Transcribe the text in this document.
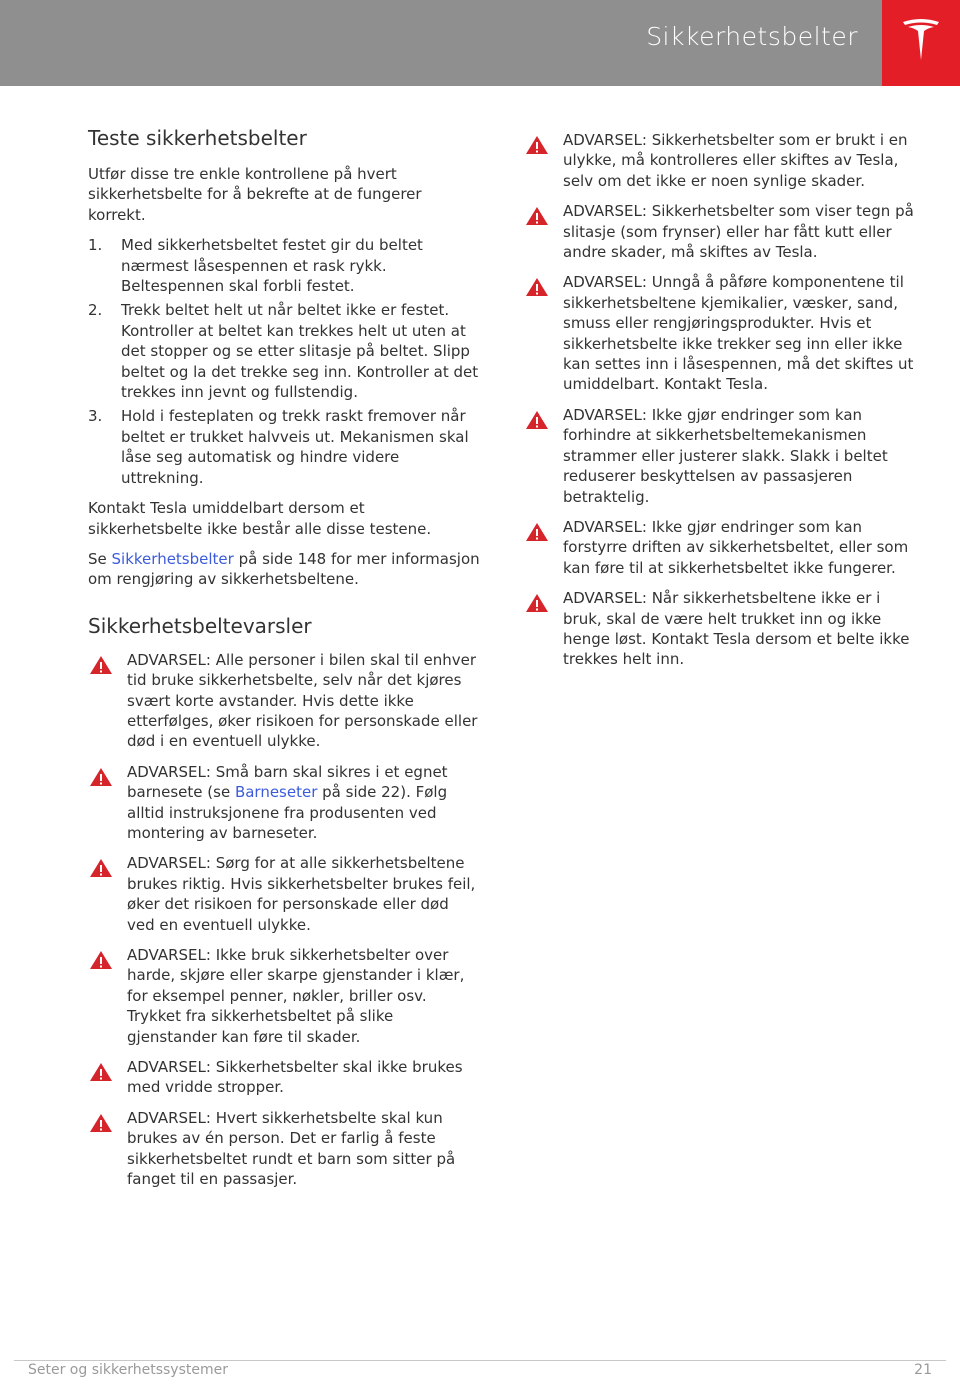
Sikkerhetsbelter
Teste sikkerhetsbelter

Utfør disse tre enkle kontrollene på hvert sikkerhetsbelte for å bekrefte at de fungerer korrekt.

1. Med sikkerhetsbeltet festet gir du beltet nærmest låsespennen et rask rykk. Beltespennen skal forbli festet.
2. Trekk beltet helt ut når beltet ikke er festet. Kontroller at beltet kan trekkes helt ut uten at det stopper og se etter slitasje på beltet. Slipp beltet og la det trekke seg inn. Kontroller at det trekkes inn jevnt og fullstendig.
3. Hold i festeplaten og trekk raskt fremover når beltet er trukket halvveis ut. Mekanismen skal låse seg automatisk og hindre videre uttrekning.

Kontakt Tesla umiddelbart dersom et sikkerhetsbelte ikke består alle disse testene.

Se Sikkerhetsbelter på side 148 for mer informasjon om rengjøring av sikkerhetsbeltene.

Sikkerhetsbeltevarsler
ADVARSEL: Alle personer i bilen skal til enhver tid bruke sikkerhetsbelte, selv når det kjøres svært korte avstander. Hvis dette ikke etterfølges, øker risikoen for personskade eller død i en eventuell ulykke.
ADVARSEL: Små barn skal sikres i et egnet barnesete (se Barneseter på side 22). Følg alltid instruksjonene fra produsenten ved montering av barneseter.
ADVARSEL: Sørg for at alle sikkerhetsbeltene brukes riktig. Hvis sikkerhetsbelter brukes feil, øker det risikoen for personskade eller død ved en eventuell ulykke.
ADVARSEL: Ikke bruk sikkerhetsbelter over harde, skjøre eller skarpe gjenstander i klær, for eksempel penner, nøkler, briller osv. Trykket fra sikkerhetsbeltet på slike gjenstander kan føre til skader.
ADVARSEL: Sikkerhetsbelter skal ikke brukes med vridde stropper.
ADVARSEL: Hvert sikkerhetsbelte skal kun brukes av én person. Det er farlig å feste sikkerhetsbeltet rundt et barn som sitter på fanget til en passasjer.
ADVARSEL: Sikkerhetsbelter som er brukt i en ulykke, må kontrolleres eller skiftes av Tesla, selv om det ikke er noen synlige skader.
ADVARSEL: Sikkerhetsbelter som viser tegn på slitasje (som frynser) eller har fått kutt eller andre skader, må skiftes av Tesla.
ADVARSEL: Unngå å påføre komponentene til sikkerhetsbeltene kjemikalier, væsker, sand, smuss eller rengjøringsprodukter. Hvis et sikkerhetsbelte ikke trekker seg inn eller ikke kan settes inn i låsespennen, må det skiftes ut umiddelbart. Kontakt Tesla.
ADVARSEL: Ikke gjør endringer som kan forhindre at sikkerhetsbeltemekanismen strammer eller justerer slakk. Slakk i beltet reduserer beskyttelsen av passasjeren betraktelig.
ADVARSEL: Ikke gjør endringer som kan forstyrre driften av sikkerhetsbeltet, eller som kan føre til at sikkerhetsbeltet ikke fungerer.
ADVARSEL: Når sikkerhetsbeltene ikke er i bruk, skal de være helt trukket inn og ikke henge løst. Kontakt Tesla dersom et belte ikke trekkes helt inn.
Seter og sikkerhetssystemer	21
